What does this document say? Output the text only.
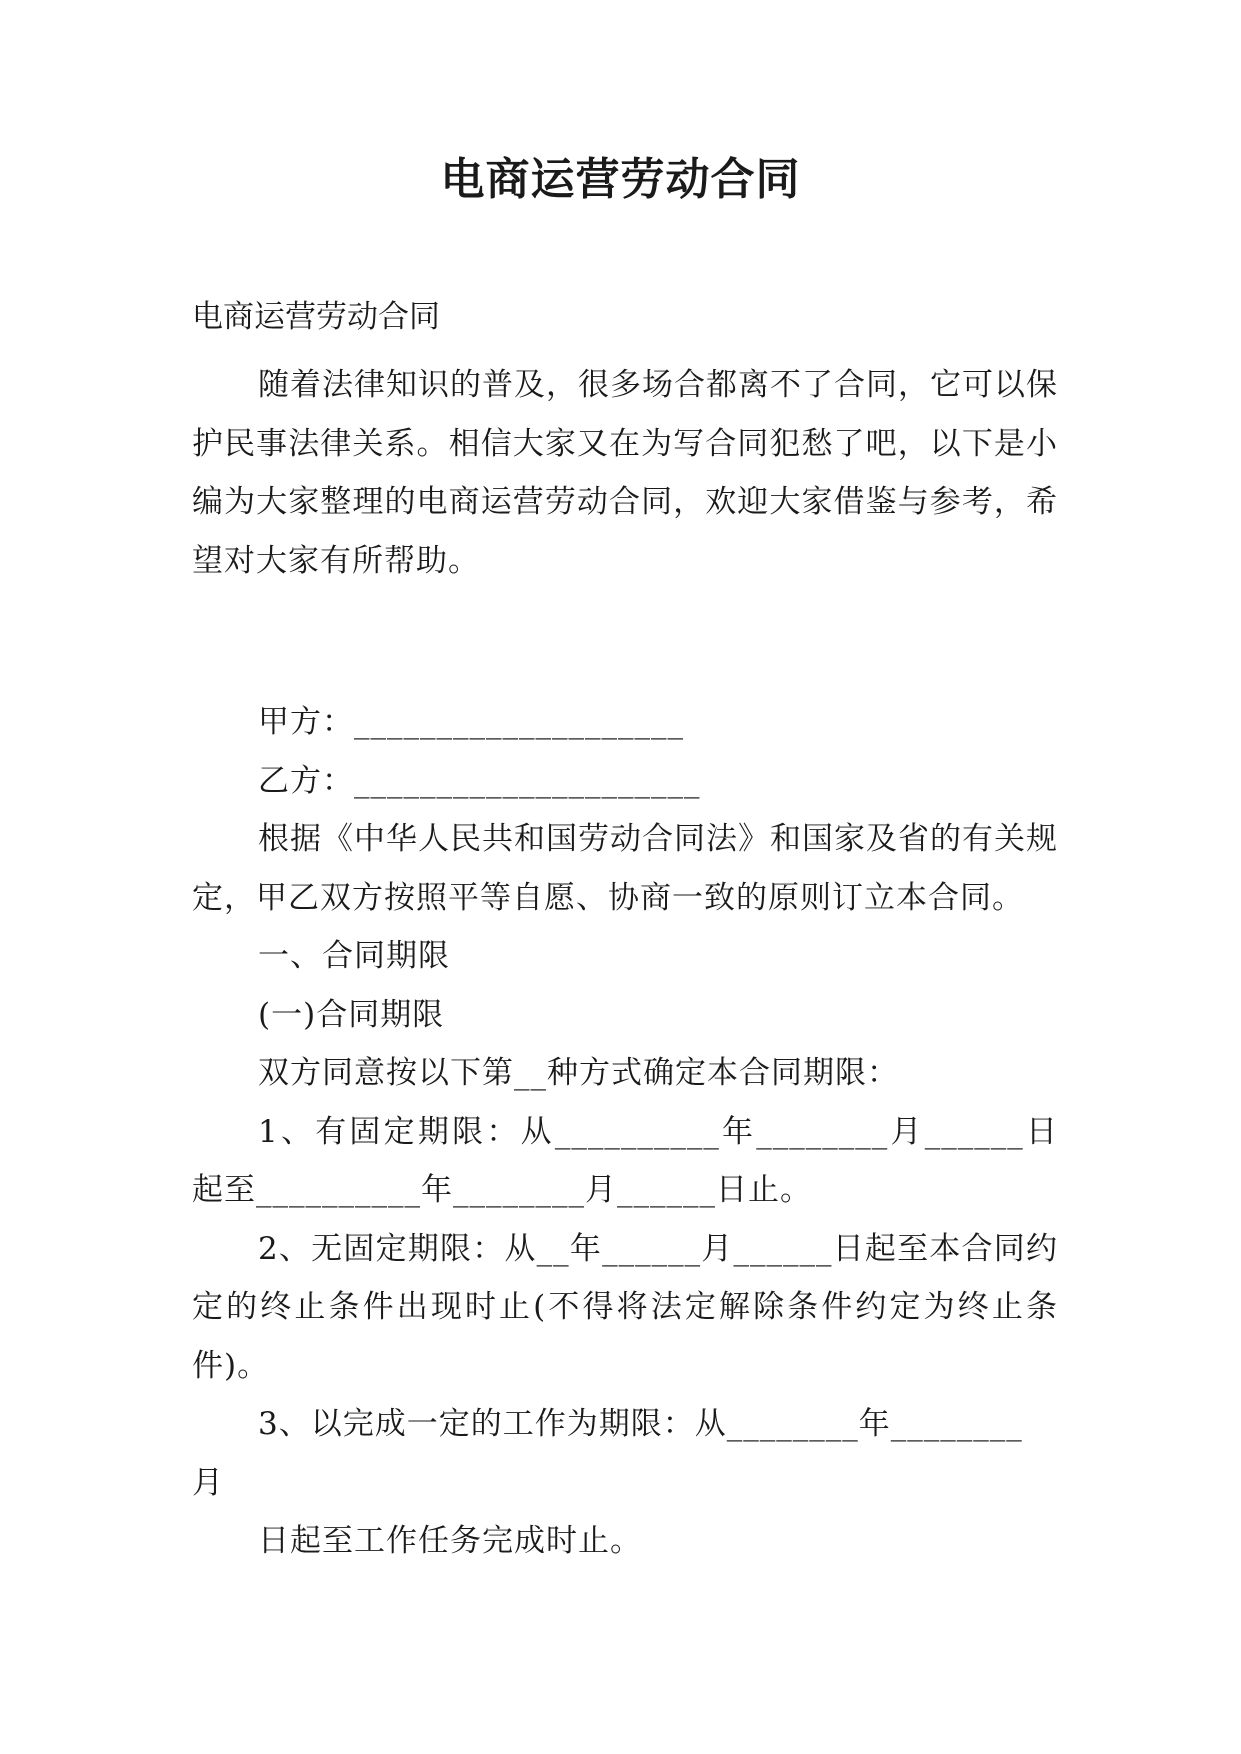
电商运营劳动合同
电商运营劳动合同

随着法律知识的普及，很多场合都离不了合同，它可以保护民事法律关系。相信大家又在为写合同犯愁了吧，以下是小编为大家整理的电商运营劳动合同，欢迎大家借鉴与参考，希望对大家有所帮助。

甲方：____________________

乙方：_____________________

根据《中华人民共和国劳动合同法》和国家及省的有关规定，甲乙双方按照平等自愿、协商一致的原则订立本合同。

一、合同期限

(一)合同期限

双方同意按以下第__种方式确定本合同期限：

1、有固定期限：从__________年________月______日起至__________年________月______日止。

2、无固定期限：从__年______月______日起至本合同约定的终止条件出现时止(不得将法定解除条件约定为终止条件)。

3、以完成一定的工作为期限：从________年________

月

日起至工作任务完成时止。
